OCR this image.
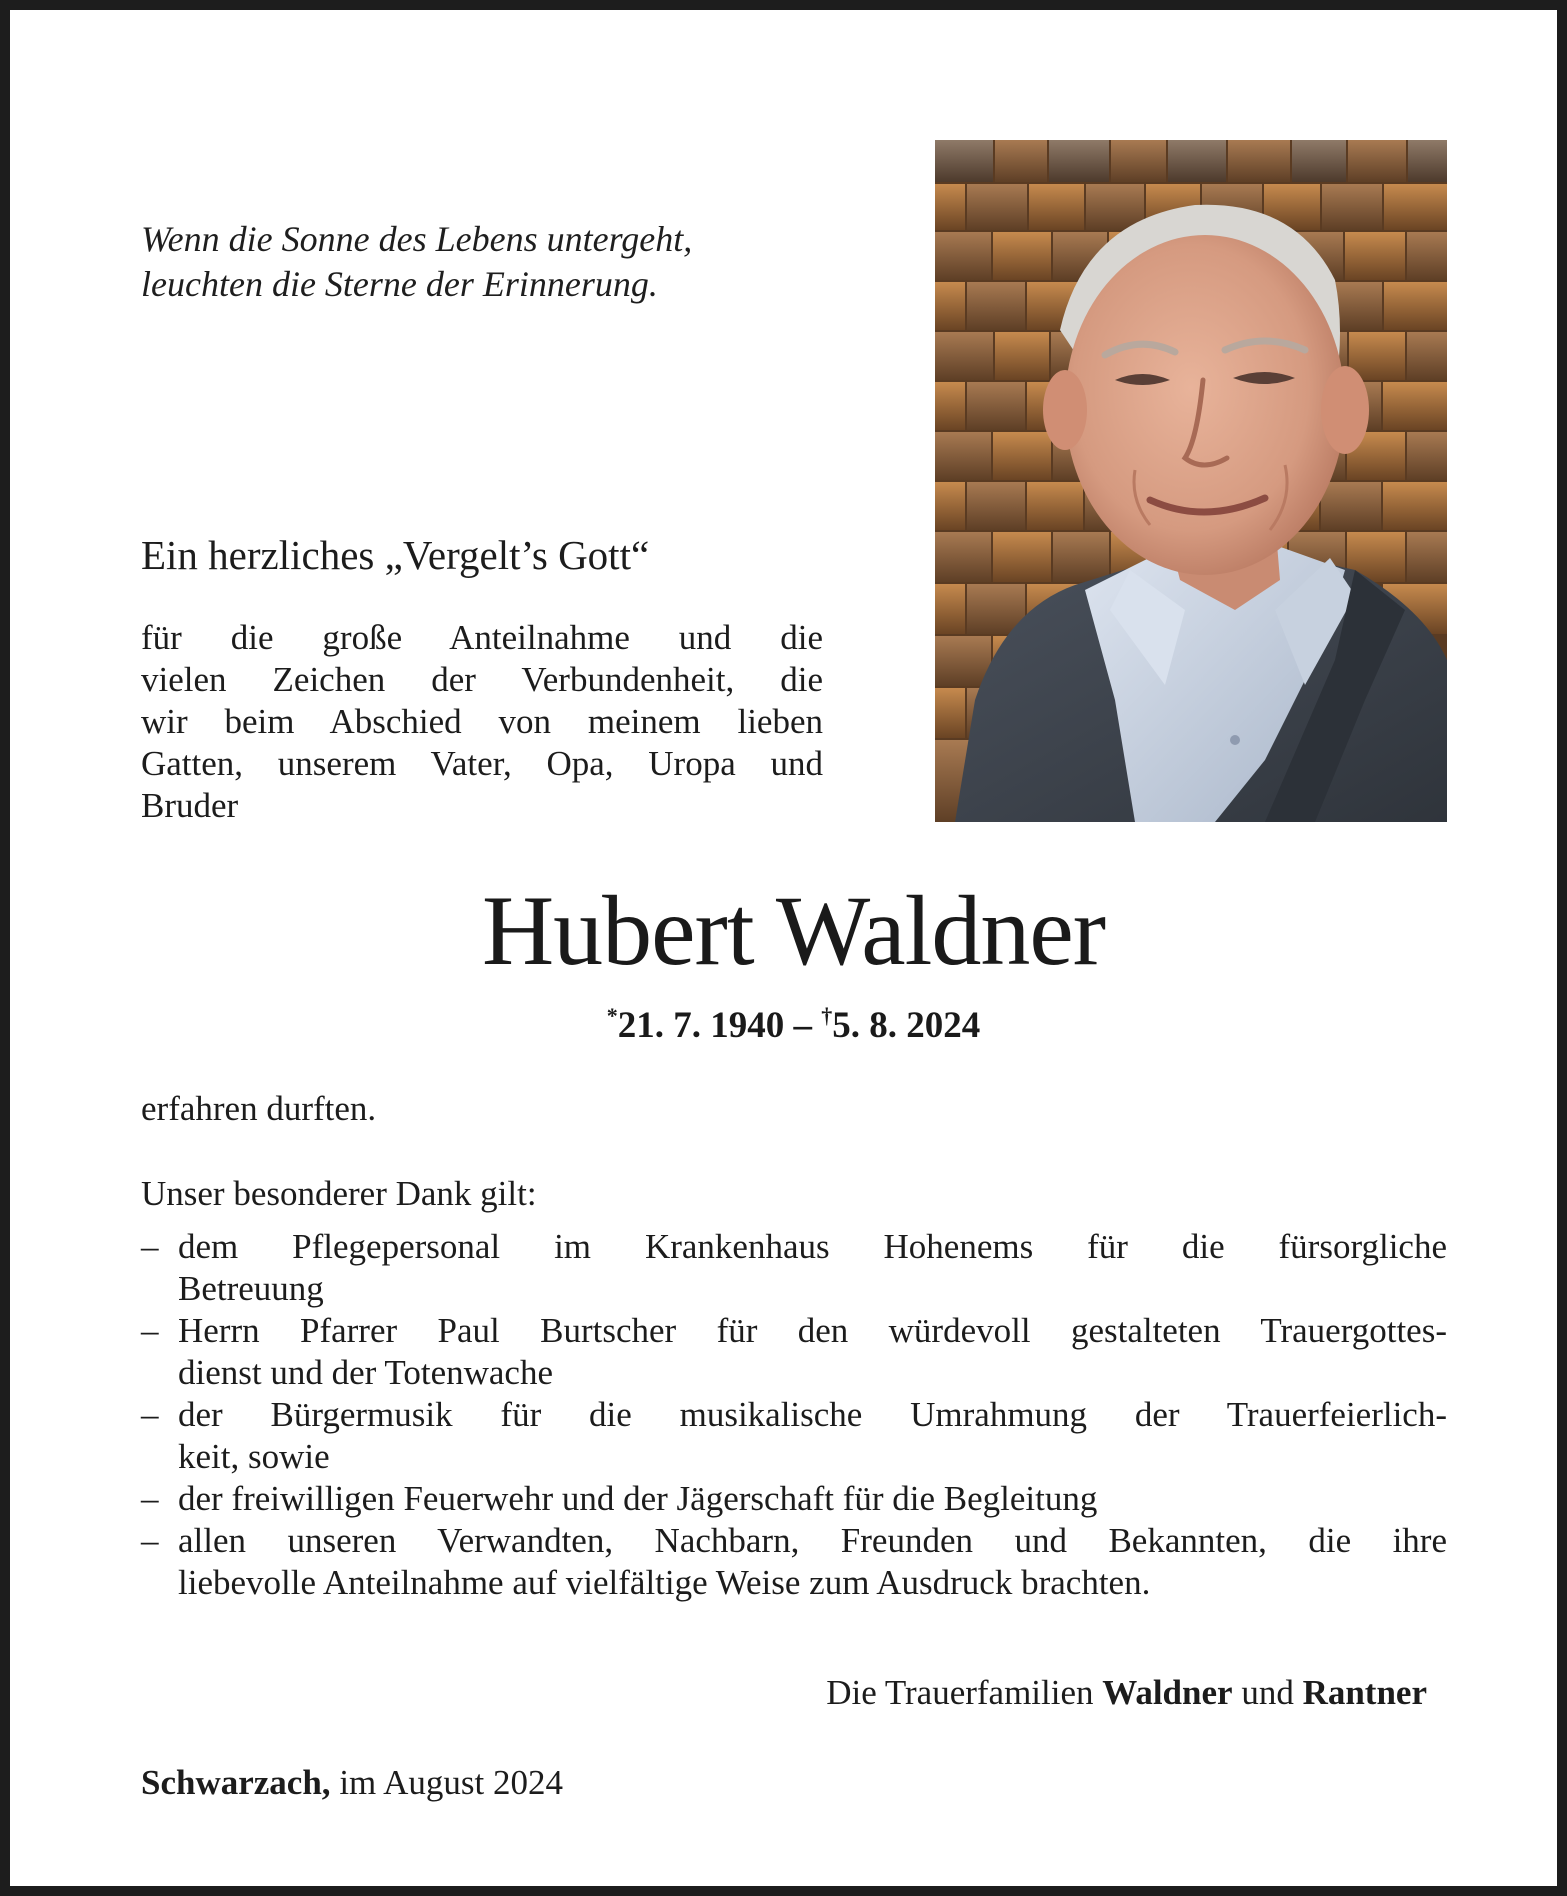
Wenn die Sonne des Lebens untergeht,
leuchten die Sterne der Erinnerung.
Ein herzliches „Vergelt’s Gott“
für die große Anteilnahme und die
vielen Zeichen der Verbundenheit, die
wir beim Abschied von meinem lieben
Gatten, unserem Vater, Opa, Uropa und
Bruder
Hubert Waldner
*21. 7. 1940 – †5. 8. 2024
erfahren durften.
Unser besonderer Dank gilt:
– dem Pflegepersonal im Krankenhaus Hohenems für die fürsorgliche
Betreuung
– Herrn Pfarrer Paul Burtscher für den würdevoll gestalteten Trauergottes-
dienst und der Totenwache
– der Bürgermusik für die musikalische Umrahmung der Trauerfeierlich-
keit, sowie
– der freiwilligen Feuerwehr und der Jägerschaft für die Begleitung
– allen unseren Verwandten, Nachbarn, Freunden und Bekannten, die ihre
liebevolle Anteilnahme auf vielfältige Weise zum Ausdruck brachten.
Die Trauerfamilien Waldner und Rantner
Schwarzach, im August 2024
